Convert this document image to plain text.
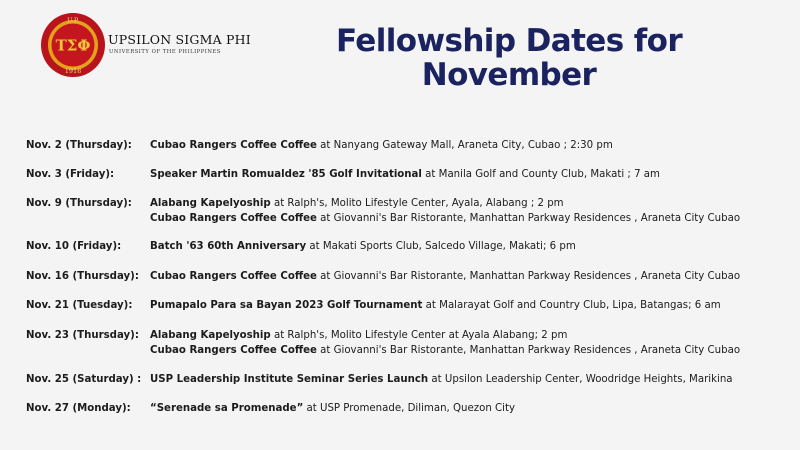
U.P.
ΤΣΦ
1918
UPSILON SIGMA PHI
UNIVERSITY OF THE PHILIPPINES	Fellowship Dates for
November
Nov. 2 (Thursday): Cubao Rangers Coffee Coffee at Nanyang Gateway Mall, Araneta City, Cubao ; 2:30 pm
Nov. 3 (Friday):	Speaker Martin Romualdez '85 Golf Invitational at Manila Golf and County Club, Makati ; 7 am
Nov. 9 (Thursday): Alabang Kapelyoship at Ralph's, Molito Lifestyle Center, Ayala, Alabang ; 2 pm
Cubao Rangers Coffee Coffee at Giovanni's Bar Ristorante, Manhattan Parkway Residences , Araneta City Cubao
Nov. 10 (Friday):	Batch '63 60th Anniversary at Makati Sports Club, Salcedo Village, Makati; 6 pm
Nov. 16 (Thursday): Cubao Rangers Coffee Coffee at Giovanni's Bar Ristorante, Manhattan Parkway Residences , Araneta City Cubao
Nov. 21 (Tuesday): Pumapalo Para sa Bayan 2023 Golf Tournament at Malarayat Golf and Country Club, Lipa, Batangas; 6 am
Nov. 23 (Thursday): Alabang Kapelyoship at Ralph's, Molito Lifestyle Center at Ayala Alabang; 2 pm
Cubao Rangers Coffee Coffee at Giovanni's Bar Ristorante, Manhattan Parkway Residences , Araneta City Cubao
Nov. 25 (Saturday) : USP Leadership Institute Seminar Series Launch at Upsilon Leadership Center, Woodridge Heights, Marikina
Nov. 27 (Monday): “Serenade sa Promenade” at USP Promenade, Diliman, Quezon City
